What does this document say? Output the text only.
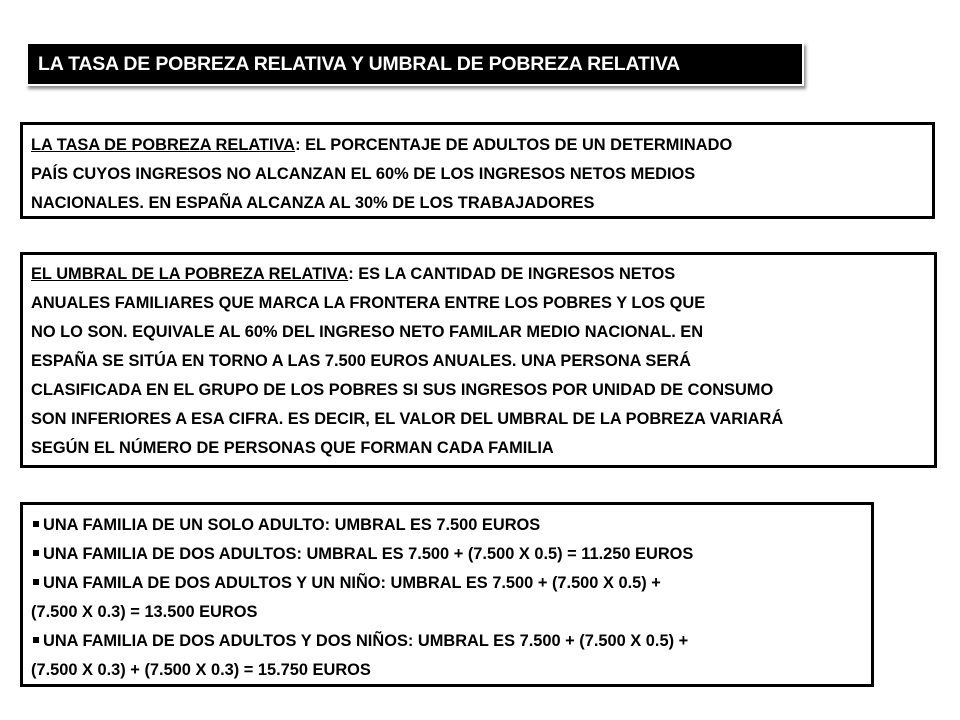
LA TASA DE POBREZA RELATIVA Y UMBRAL DE POBREZA RELATIVA
LA TASA DE POBREZA RELATIVA: EL PORCENTAJE DE ADULTOS DE UN DETERMINADO
PAÍS CUYOS INGRESOS NO ALCANZAN EL 60% DE LOS INGRESOS NETOS MEDIOS
NACIONALES. EN ESPAÑA ALCANZA AL 30% DE LOS TRABAJADORES
EL UMBRAL DE LA POBREZA RELATIVA: ES LA CANTIDAD DE INGRESOS NETOS
ANUALES FAMILIARES QUE MARCA LA FRONTERA ENTRE LOS POBRES Y LOS QUE
NO LO SON. EQUIVALE AL 60% DEL INGRESO NETO FAMILAR MEDIO NACIONAL. EN
ESPAÑA SE SITÚA EN TORNO A LAS 7.500 EUROS ANUALES. UNA PERSONA SERÁ
CLASIFICADA EN EL GRUPO DE LOS POBRES SI SUS INGRESOS POR UNIDAD DE CONSUMO
SON INFERIORES A ESA CIFRA. ES DECIR, EL VALOR DEL UMBRAL DE LA POBREZA VARIARÁ
SEGÚN EL NÚMERO DE PERSONAS QUE FORMAN CADA FAMILIA
UNA FAMILIA DE UN SOLO ADULTO: UMBRAL ES 7.500 EUROS
UNA FAMILIA DE DOS ADULTOS: UMBRAL ES 7.500 + (7.500 X 0.5) = 11.250 EUROS
UNA FAMILA DE DOS ADULTOS Y UN NIÑO: UMBRAL ES 7.500 + (7.500 X 0.5) +
(7.500 X 0.3) = 13.500 EUROS
UNA FAMILIA DE DOS ADULTOS Y DOS NIÑOS: UMBRAL ES 7.500 + (7.500 X 0.5) +
(7.500 X 0.3) + (7.500 X 0.3) = 15.750 EUROS
